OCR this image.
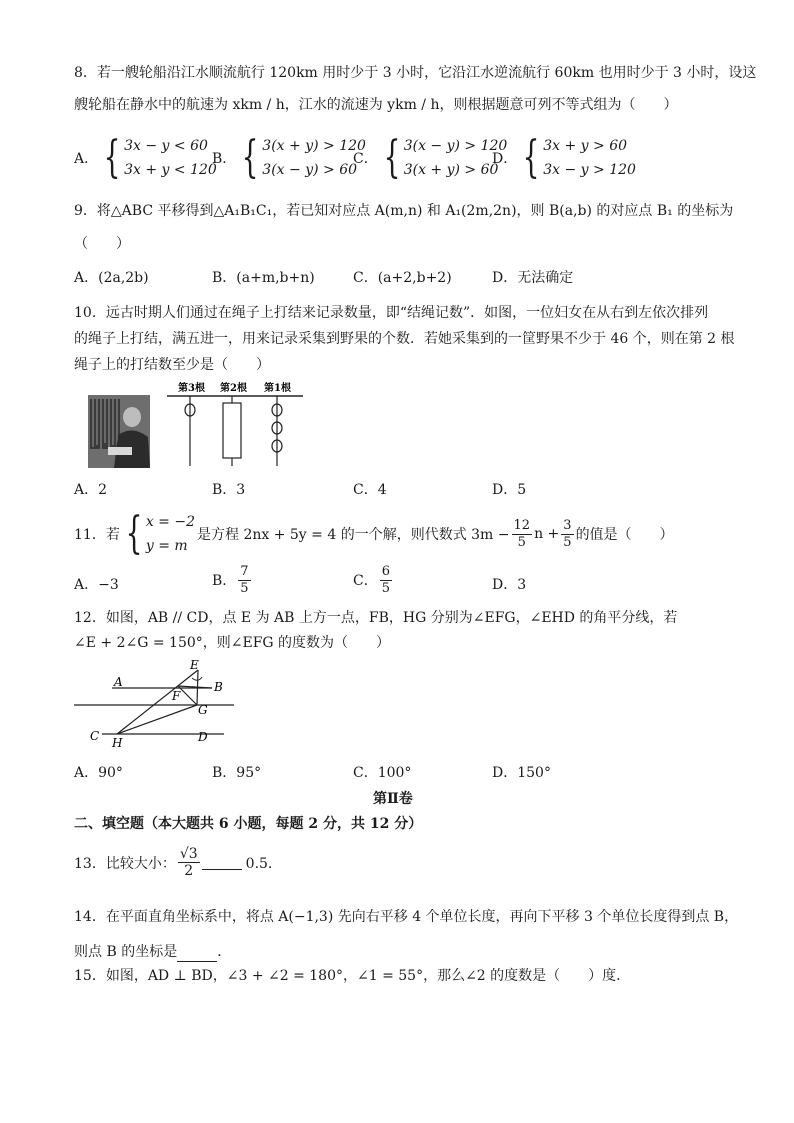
8．若一艘轮船沿江水顺流航行 120km 用时少于 3 小时，它沿江水逆流航行 60km 也用时少于 3 小时，设这
艘轮船在静水中的航速为 xkm / h，江水的流速为 ykm / h，则根据题意可列不等式组为（　　）
A． { 3x − y < 60
3x + y < 120
B． { 3(x + y) > 120
3(x − y) > 60
C． { 3(x − y) > 120
3(x + y) > 60
D． { 3x + y > 60
3x − y > 120
9．将△ABC 平移得到△A₁B₁C₁，若已知对应点 A(m,n) 和 A₁(2m,2n)，则 B(a,b) 的对应点 B₁ 的坐标为
（　　）
A．(2a,2b)	B．(a+m,b+n)	C．(a+2,b+2)	D．无法确定
10．远古时期人们通过在绳子上打结来记录数量，即“结绳记数”．如图，一位妇女在从右到左依次排列
的绳子上打结，满五进一，用来记录采集到野果的个数．若她采集到的一筐野果不少于 46 个，则在第 2 根
绳子上的打结数至少是（　　）
第3根 第2根 第1根
A．2	B．3	C．4	D．5
11．若 { x = −2
y = m
是方程 2nx + 5y = 4 的一个解，则代数式 $3m - \frac{12}{5}$ $n + \frac{3}{5}$ 的值是（　　）
A．−3	B． $\frac{7}{5}$	C． $\frac{6}{5}$	D．3
12．如图，AB // CD，点 E 为 AB 上方一点，FB，HG 分别为∠EFG，∠EHD 的角平分线，若
∠E + 2∠G = 150°，则∠EFG 的度数为（　　）
E
A	B
F
G
C H	D
A．90°	B．95°	C．100°	D．150°
第Ⅱ卷
二、填空题（本大题共 6 小题，每题 2 分，共 12 分）
13．比较大小： $\frac{√3}{2}$	0.5．
14．在平面直角坐标系中，将点 A(−1,3) 先向右平移 4 个单位长度，再向下平移 3 个单位长度得到点 B，
则点 B 的坐标是	．
15．如图，AD ⊥ BD，∠3 + ∠2 = 180°，∠1 = 55°，那么∠2 的度数是（　　）度．
